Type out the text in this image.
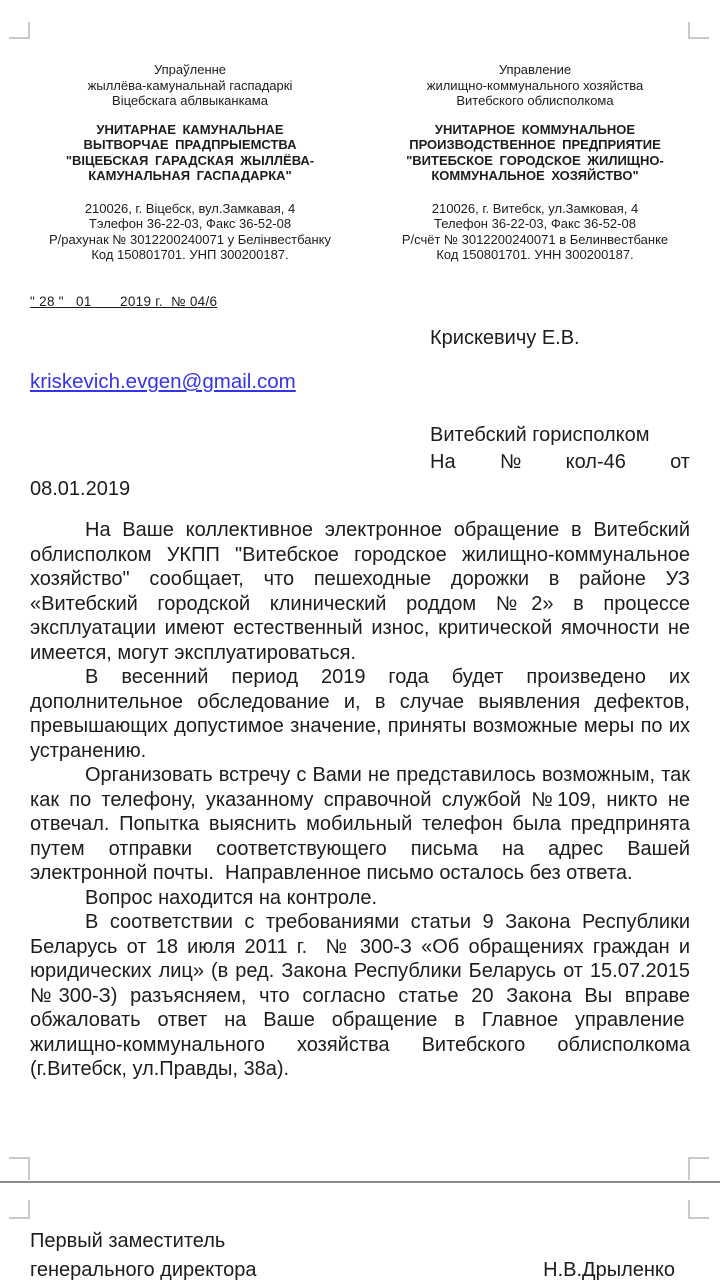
Упраўленне
жыллёва-камунальнай гаспадаркі
Віцебскага аблвыканкама
УНИТАРНАЕ КАМУНАЛЬНАЕ
ВЫТВОРЧАЕ ПРАДПРЫЕМСТВА
"ВІЦЕБСКАЯ ГАРАДСКАЯ ЖЫЛЛЁВА-
КАМУНАЛЬНАЯ ГАСПАДАРКА"
210026, г. Віцебск, вул.Замкавая, 4
Тэлефон 36-22-03, Факс 36-52-08
Р/рахунак № 3012200240071 у Белінвестбанку
Код 150801701. УНП 300200187.
Управление
жилищно-коммунального хозяйства
Витебского облисполкома
УНИТАРНОЕ КОММУНАЛЬНОЕ
ПРОИЗВОДСТВЕННОЕ ПРЕДПРИЯТИЕ
"ВИТЕБСКОЕ ГОРОДСКОЕ ЖИЛИЩНО-
КОММУНАЛЬНОЕ ХОЗЯЙСТВО"
210026, г. Витебск, ул.Замковая, 4
Телефон 36-22-03, Факс 36-52-08
Р/счёт № 3012200240071 в Белинвестбанке
Код 150801701. УНН 300200187.
" 28 "   01       2019 г.  № 04/6
Крискевичу Е.В.
kriskevich.evgen@gmail.com
Витебский горисполком
На № кол-46 от
08.01.2019

На Ваше коллективное электронное обращение в Витебский облисполком УКПП "Витебское городское жилищно-коммунальное хозяйство" сообщает, что пешеходные дорожки в районе УЗ «Витебский городской клинический роддом №2» в процессе эксплуатации имеют естественный износ, критической ямочности не имеется, могут эксплуатироваться.

В весенний период 2019 года будет произведено их дополнительное обследование и, в случае выявления дефектов, превышающих допустимое значение, приняты возможные меры по их устранению.

Организовать встречу с Вами не представилось возможным, так как по телефону, указанному справочной службой №109, никто не отвечал. Попытка выяснить мобильный телефон была предпринята путем отправки соответствующего письма на адрес Вашей электронной почты.  Направленное письмо осталось без ответа.

Вопрос находится на контроле.

В соответствии с требованиями статьи 9 Закона Республики Беларусь от 18 июля 2011 г.  № 300-З «Об обращениях граждан и юридических лиц» (в ред. Закона Республики Беларусь от 15.07.2015 №300-З) разъясняем, что согласно статье 20 Закона Вы вправе обжаловать ответ на Ваше обращение в Главное управление  жилищно-коммунального хозяйства Витебского облисполкома (г.Витебск, ул.Правды, 38а).

Первый заместитель
генерального директора	Н.В.Дрыленко
